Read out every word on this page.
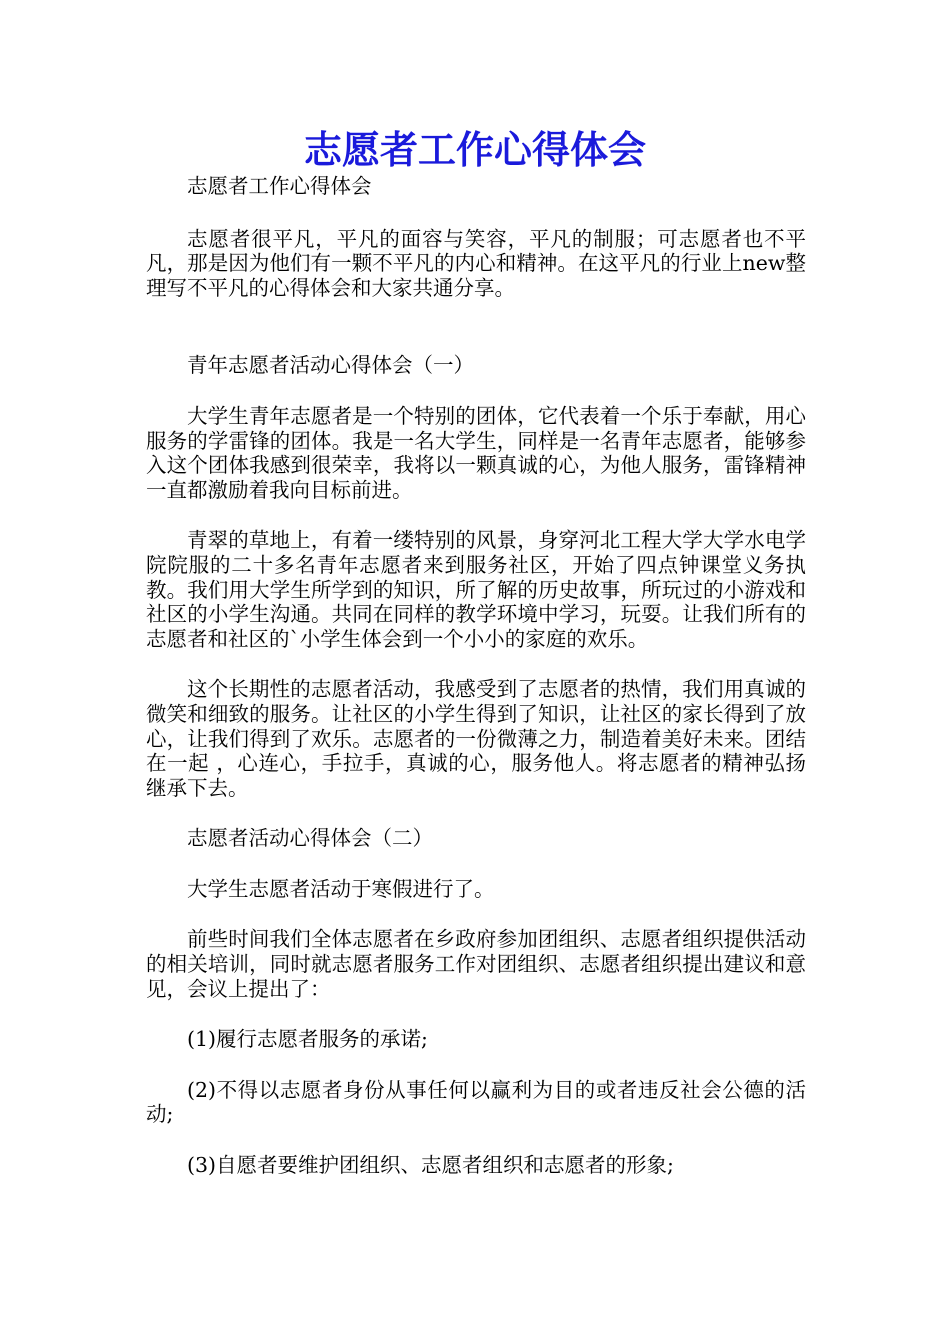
志愿者工作心得体会

志愿者工作心得体会

志愿者很平凡，平凡的面容与笑容，平凡的制服；可志愿者也不平凡，那是因为他们有一颗不平凡的内心和精神。在这平凡的行业上new整理写不平凡的心得体会和大家共通分享。

青年志愿者活动心得体会（一）

大学生青年志愿者是一个特别的团体，它代表着一个乐于奉献，用心服务的学雷锋的团体。我是一名大学生，同样是一名青年志愿者，能够参入这个团体我感到很荣幸，我将以一颗真诚的心，为他人服务，雷锋精神一直都激励着我向目标前进。

青翠的草地上，有着一缕特别的风景，身穿河北工程大学大学水电学院院服的二十多名青年志愿者来到服务社区，开始了四点钟课堂义务执教。我们用大学生所学到的知识，所了解的历史故事，所玩过的小游戏和社区的小学生沟通。共同在同样的教学环境中学习，玩耍。让我们所有的志愿者和社区的`小学生体会到一个小小的家庭的欢乐。

这个长期性的志愿者活动，我感受到了志愿者的热情，我们用真诚的微笑和细致的服务。让社区的小学生得到了知识，让社区的家长得到了放心，让我们得到了欢乐。志愿者的一份微薄之力，制造着美好未来。团结在一起 ，心连心，手拉手，真诚的心，服务他人。将志愿者的精神弘扬继承下去。

志愿者活动心得体会（二）

大学生志愿者活动于寒假进行了。

前些时间我们全体志愿者在乡政府参加团组织、志愿者组织提供活动的相关培训，同时就志愿者服务工作对团组织、志愿者组织提出建议和意见，会议上提出了：

(1)履行志愿者服务的承诺;

(2)不得以志愿者身份从事任何以赢利为目的或者违反社会公德的活动;

(3)自愿者要维护团组织、志愿者组织和志愿者的形象;
